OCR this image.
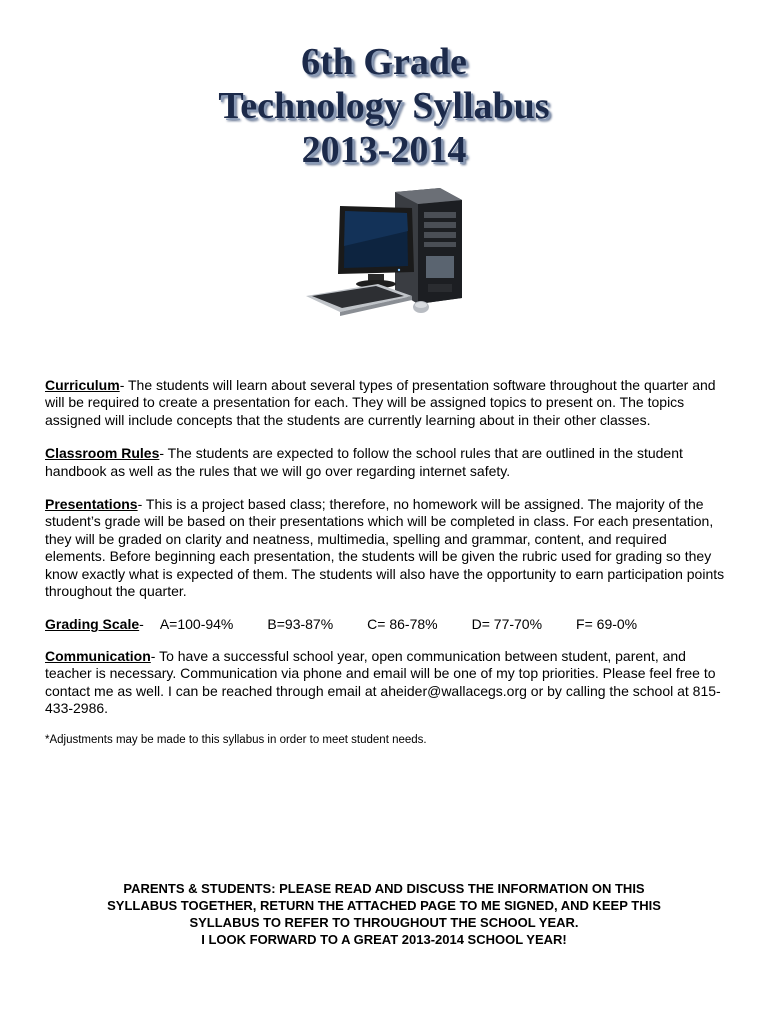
6th Grade
Technology Syllabus
2013-2014

Curriculum- The students will learn about several types of presentation software throughout the quarter and will be required to create a presentation for each. They will be assigned topics to present on. The topics assigned will include concepts that the students are currently learning about in their other classes.

Classroom Rules- The students are expected to follow the school rules that are outlined in the student handbook as well as the rules that we will go over regarding internet safety.

Presentations- This is a project based class; therefore, no homework will be assigned. The majority of the student’s grade will be based on their presentations which will be completed in class. For each presentation, they will be graded on clarity and neatness, multimedia, spelling and grammar, content, and required elements. Before beginning each presentation, the students will be given the rubric used for grading so they know exactly what is expected of them. The students will also have the opportunity to earn participation points throughout the quarter.

Grading Scale- A=100-94% B=93-87% C= 86-78% D= 77-70% F= 69-0%

Communication- To have a successful school year, open communication between student, parent, and teacher is necessary. Communication via phone and email will be one of my top priorities. Please feel free to contact me as well. I can be reached through email at aheider@wallacegs.org or by calling the school at 815- 433-2986.

*Adjustments may be made to this syllabus in order to meet student needs.
PARENTS & STUDENTS: PLEASE READ AND DISCUSS THE INFORMATION ON THIS
SYLLABUS TOGETHER, RETURN THE ATTACHED PAGE TO ME SIGNED, AND KEEP THIS
SYLLABUS TO REFER TO THROUGHOUT THE SCHOOL YEAR.
I LOOK FORWARD TO A GREAT 2013-2014 SCHOOL YEAR!
